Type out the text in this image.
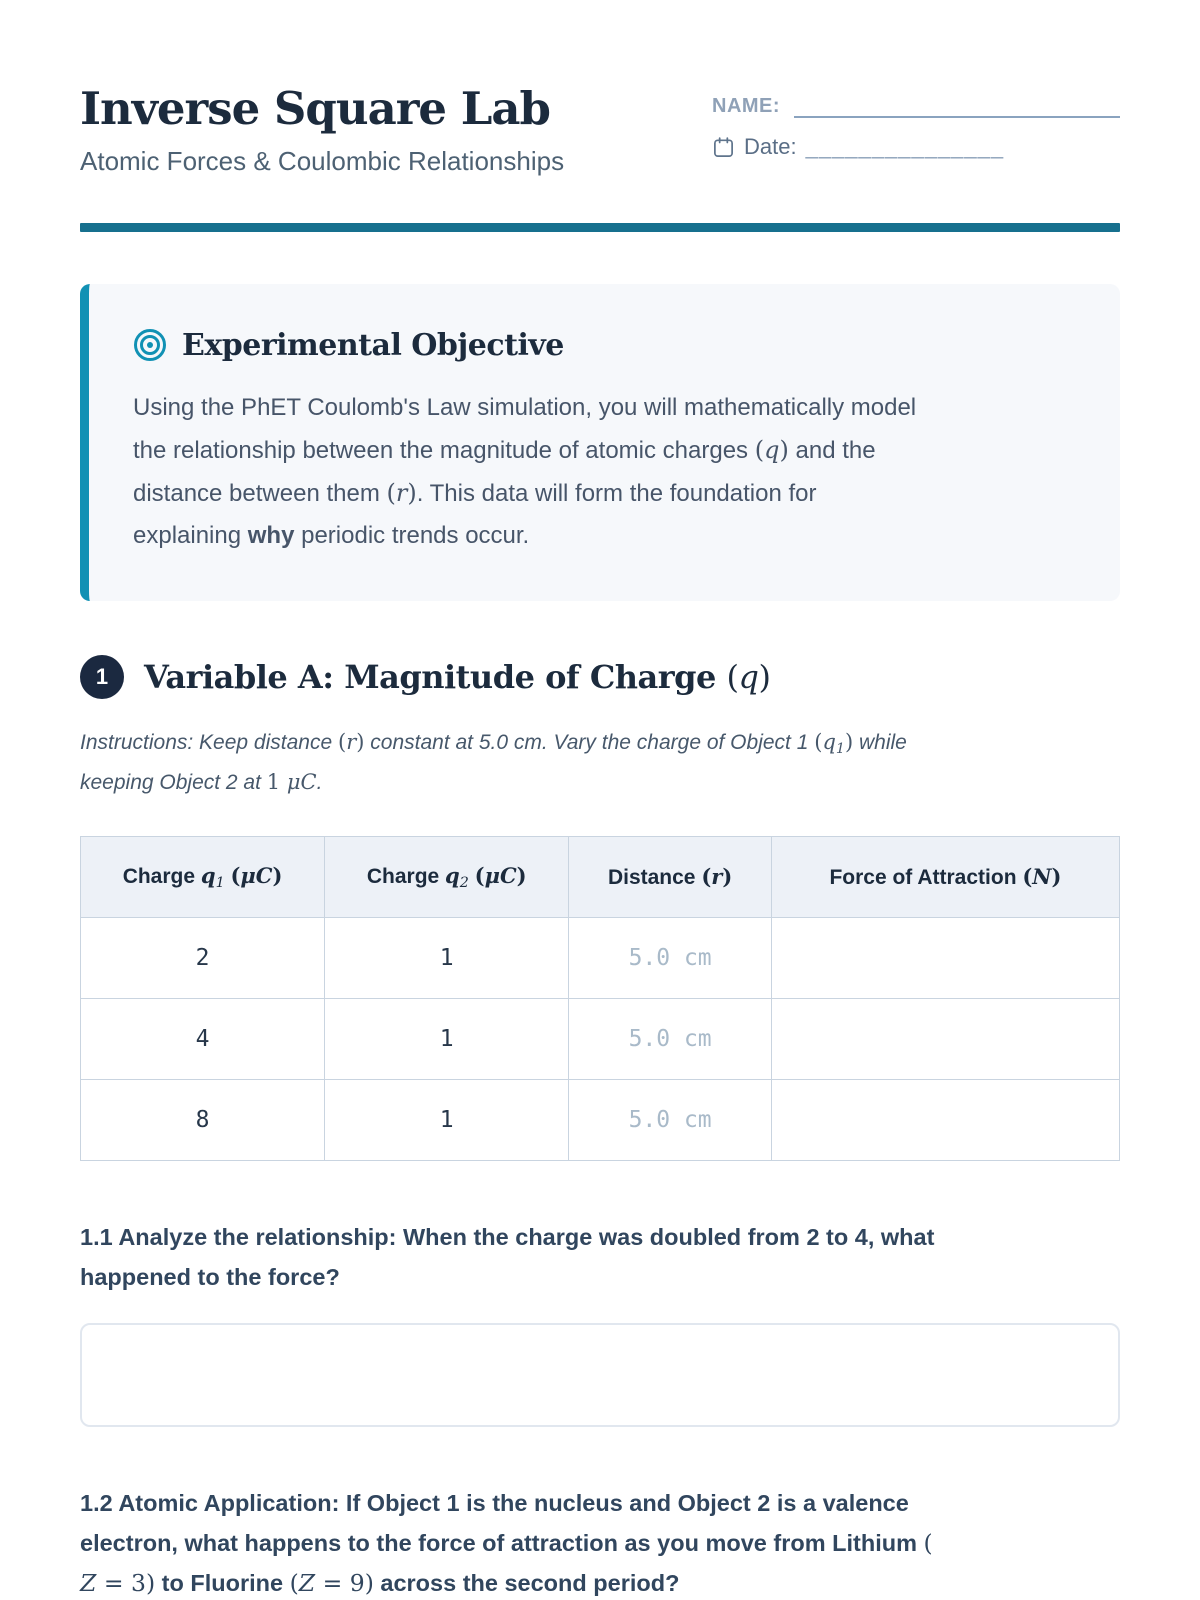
Inverse Square Lab
Atomic Forces & Coulombic Relationships
NAME:
Date: _______________
Experimental Objective
Using the PhET Coulomb's Law simulation, you will mathematically model
the relationship between the magnitude of atomic charges (q) and the
distance between them (r). This data will form the foundation for
explaining why periodic trends occur.
1	Variable A: Magnitude of Charge (q)
Instructions: Keep distance (r) constant at 5.0 cm. Vary the charge of Object 1 (q1) while
keeping Object 2 at 1 μC.
Charge q1 (μC)	Charge q2 (μC)	Distance (r)	Force of Attraction (N)
2	1	5.0 cm	
4	1	5.0 cm	
8	1	5.0 cm	
1.1 Analyze the relationship: When the charge was doubled from 2 to 4, what
happened to the force?
1.2 Atomic Application: If Object 1 is the nucleus and Object 2 is a valence
electron, what happens to the force of attraction as you move from Lithium (
Z = 3) to Fluorine (Z = 9) across the second period?
